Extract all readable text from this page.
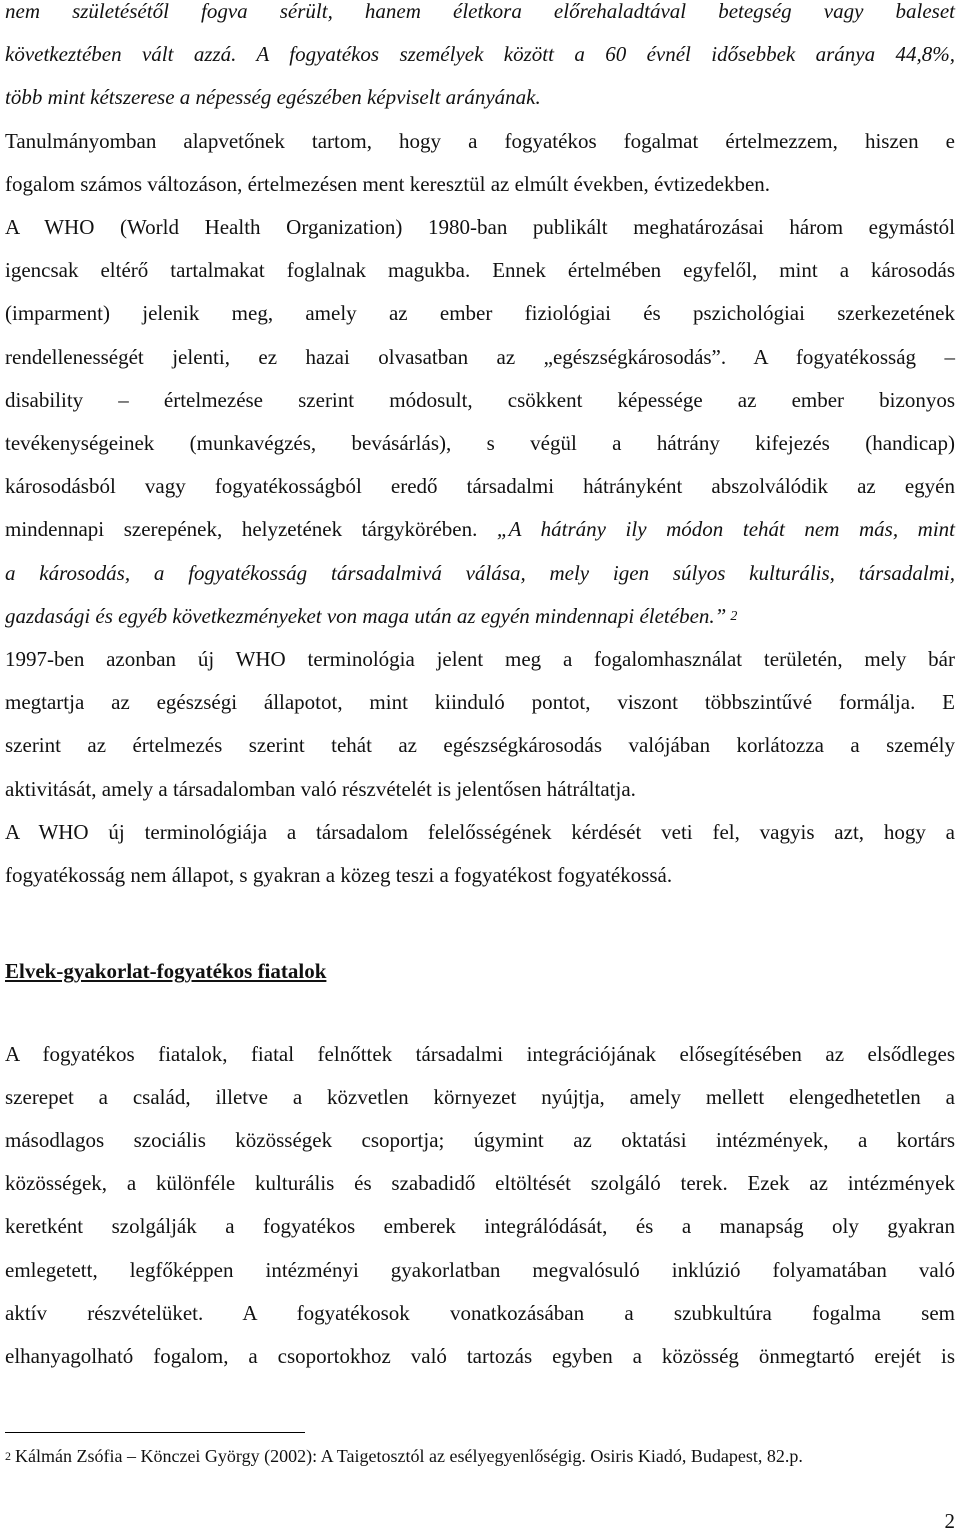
nem születésétől fogva sérült, hanem életkora előrehaladtával betegség vagy baleset
következtében vált azzá. A fogyatékos személyek között a 60 évnél idősebbek aránya 44,8%,
több mint kétszerese a népesség egészében képviselt arányának.
Tanulmányomban alapvetőnek tartom, hogy a fogyatékos fogalmat értelmezzem, hiszen e
fogalom számos változáson, értelmezésen ment keresztül az elmúlt években, évtizedekben.
A WHO (World Health Organization) 1980-ban publikált meghatározásai három egymástól
igencsak eltérő tartalmakat foglalnak magukba. Ennek értelmében egyfelől, mint a károsodás
(imparment) jelenik meg, amely az ember fiziológiai és pszichológiai szerkezetének
rendellenességét jelenti, ez hazai olvasatban az „egészségkárosodás”. A fogyatékosság –
disability – értelmezése szerint módosult, csökkent képessége az ember bizonyos
tevékenységeinek (munkavégzés, bevásárlás), s végül a hátrány kifejezés (handicap)
károsodásból vagy fogyatékosságból eredő társadalmi hátrányként abszolválódik az egyén
mindennapi szerepének, helyzetének tárgykörében. „A hátrány ily módon tehát nem más, mint
a károsodás, a fogyatékosság társadalmivá válása, mely igen súlyos kulturális, társadalmi,
gazdasági és egyéb következményeket von maga után az egyén mindennapi életében.” $^2$
1997-ben azonban új WHO terminológia jelent meg a fogalomhasználat területén, mely bár
megtartja az egészségi állapotot, mint kiinduló pontot, viszont többszintűvé formálja. E
szerint az értelmezés szerint tehát az egészségkárosodás valójában korlátozza a személy
aktivitását, amely a társadalomban való részvételét is jelentősen hátráltatja.
A WHO új terminológiája a társadalom felelősségének kérdését veti fel, vagyis azt, hogy a
fogyatékosság nem állapot, s gyakran a közeg teszi a fogyatékost fogyatékossá.
Elvek-gyakorlat-fogyatékos fiatalok
A fogyatékos fiatalok, fiatal felnőttek társadalmi integrációjának elősegítésében az elsődleges
szerepet a család, illetve a közvetlen környezet nyújtja, amely mellett elengedhetetlen a
másodlagos szociális közösségek csoportja; úgymint az oktatási intézmények, a kortárs
közösségek, a különféle kulturális és szabadidő eltöltését szolgáló terek. Ezek az intézmények
keretként szolgálják a fogyatékos emberek integrálódását, és a manapság oly gyakran
emlegetett, legfőképpen intézményi gyakorlatban megvalósuló inklúzió folyamatában való
aktív részvételüket. A fogyatékosok vonatkozásában a szubkultúra fogalma sem
elhanyagolható fogalom, a csoportokhoz való tartozás egyben a közösség önmegtartó erejét is
$^2$ Kálmán Zsófia – Könczei György (2002): A Taigetosztól az esélyegyenlőségig. Osiris Kiadó, Budapest, 82.p.
2
